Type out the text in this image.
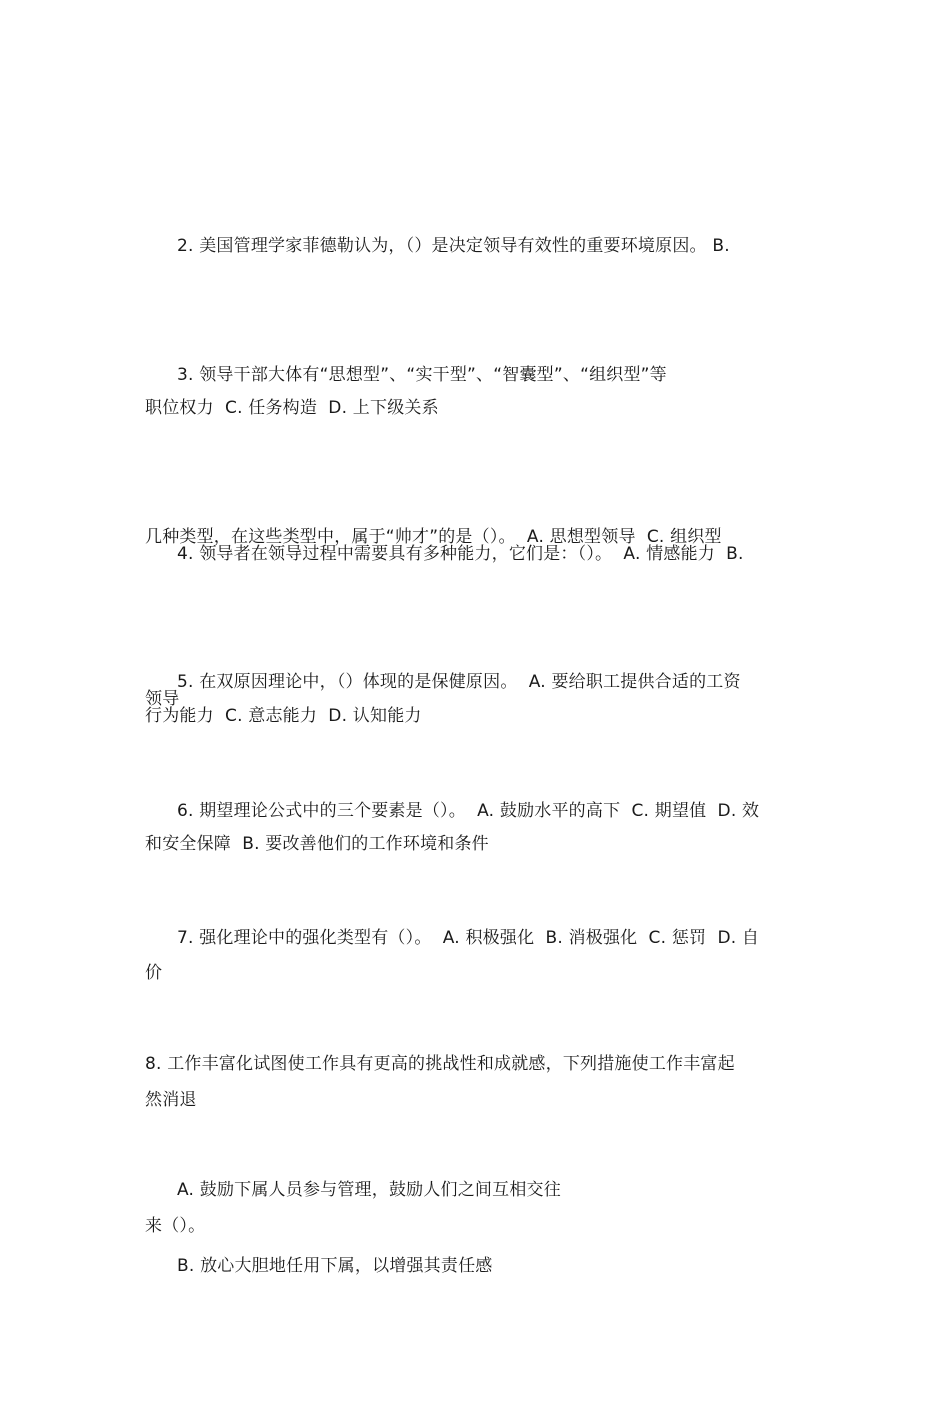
2. 美国管理学家菲德勒认为，（）是决定领导有效性的重要环境原因。 B.

职位权力  C. 任务构造  D. 上下级关系

3. 领导干部大体有“思想型”、“实干型”、“智囊型”、“组织型”等

几种类型，在这些类型中，属于“帅才”的是（）。  A. 思想型领导  C. 组织型

领导

4. 领导者在领导过程中需要具有多种能力，它们是：（）。  A. 情感能力  B.

行为能力  C. 意志能力  D. 认知能力

5. 在双原因理论中，（）体现的是保健原因。  A. 要给职工提供合适的工资

和安全保障  B. 要改善他们的工作环境和条件

6. 期望理论公式中的三个要素是（）。  A. 鼓励水平的高下  C. 期望值  D. 效

价

7. 强化理论中的强化类型有（）。  A. 积极强化  B. 消极强化  C. 惩罚  D. 自

然消退

8. 工作丰富化试图使工作具有更高的挑战性和成就感，下列措施使工作丰富起

来（）。

A. 鼓励下属人员参与管理，鼓励人们之间互相交往

B. 放心大胆地任用下属，以增强其责任感
